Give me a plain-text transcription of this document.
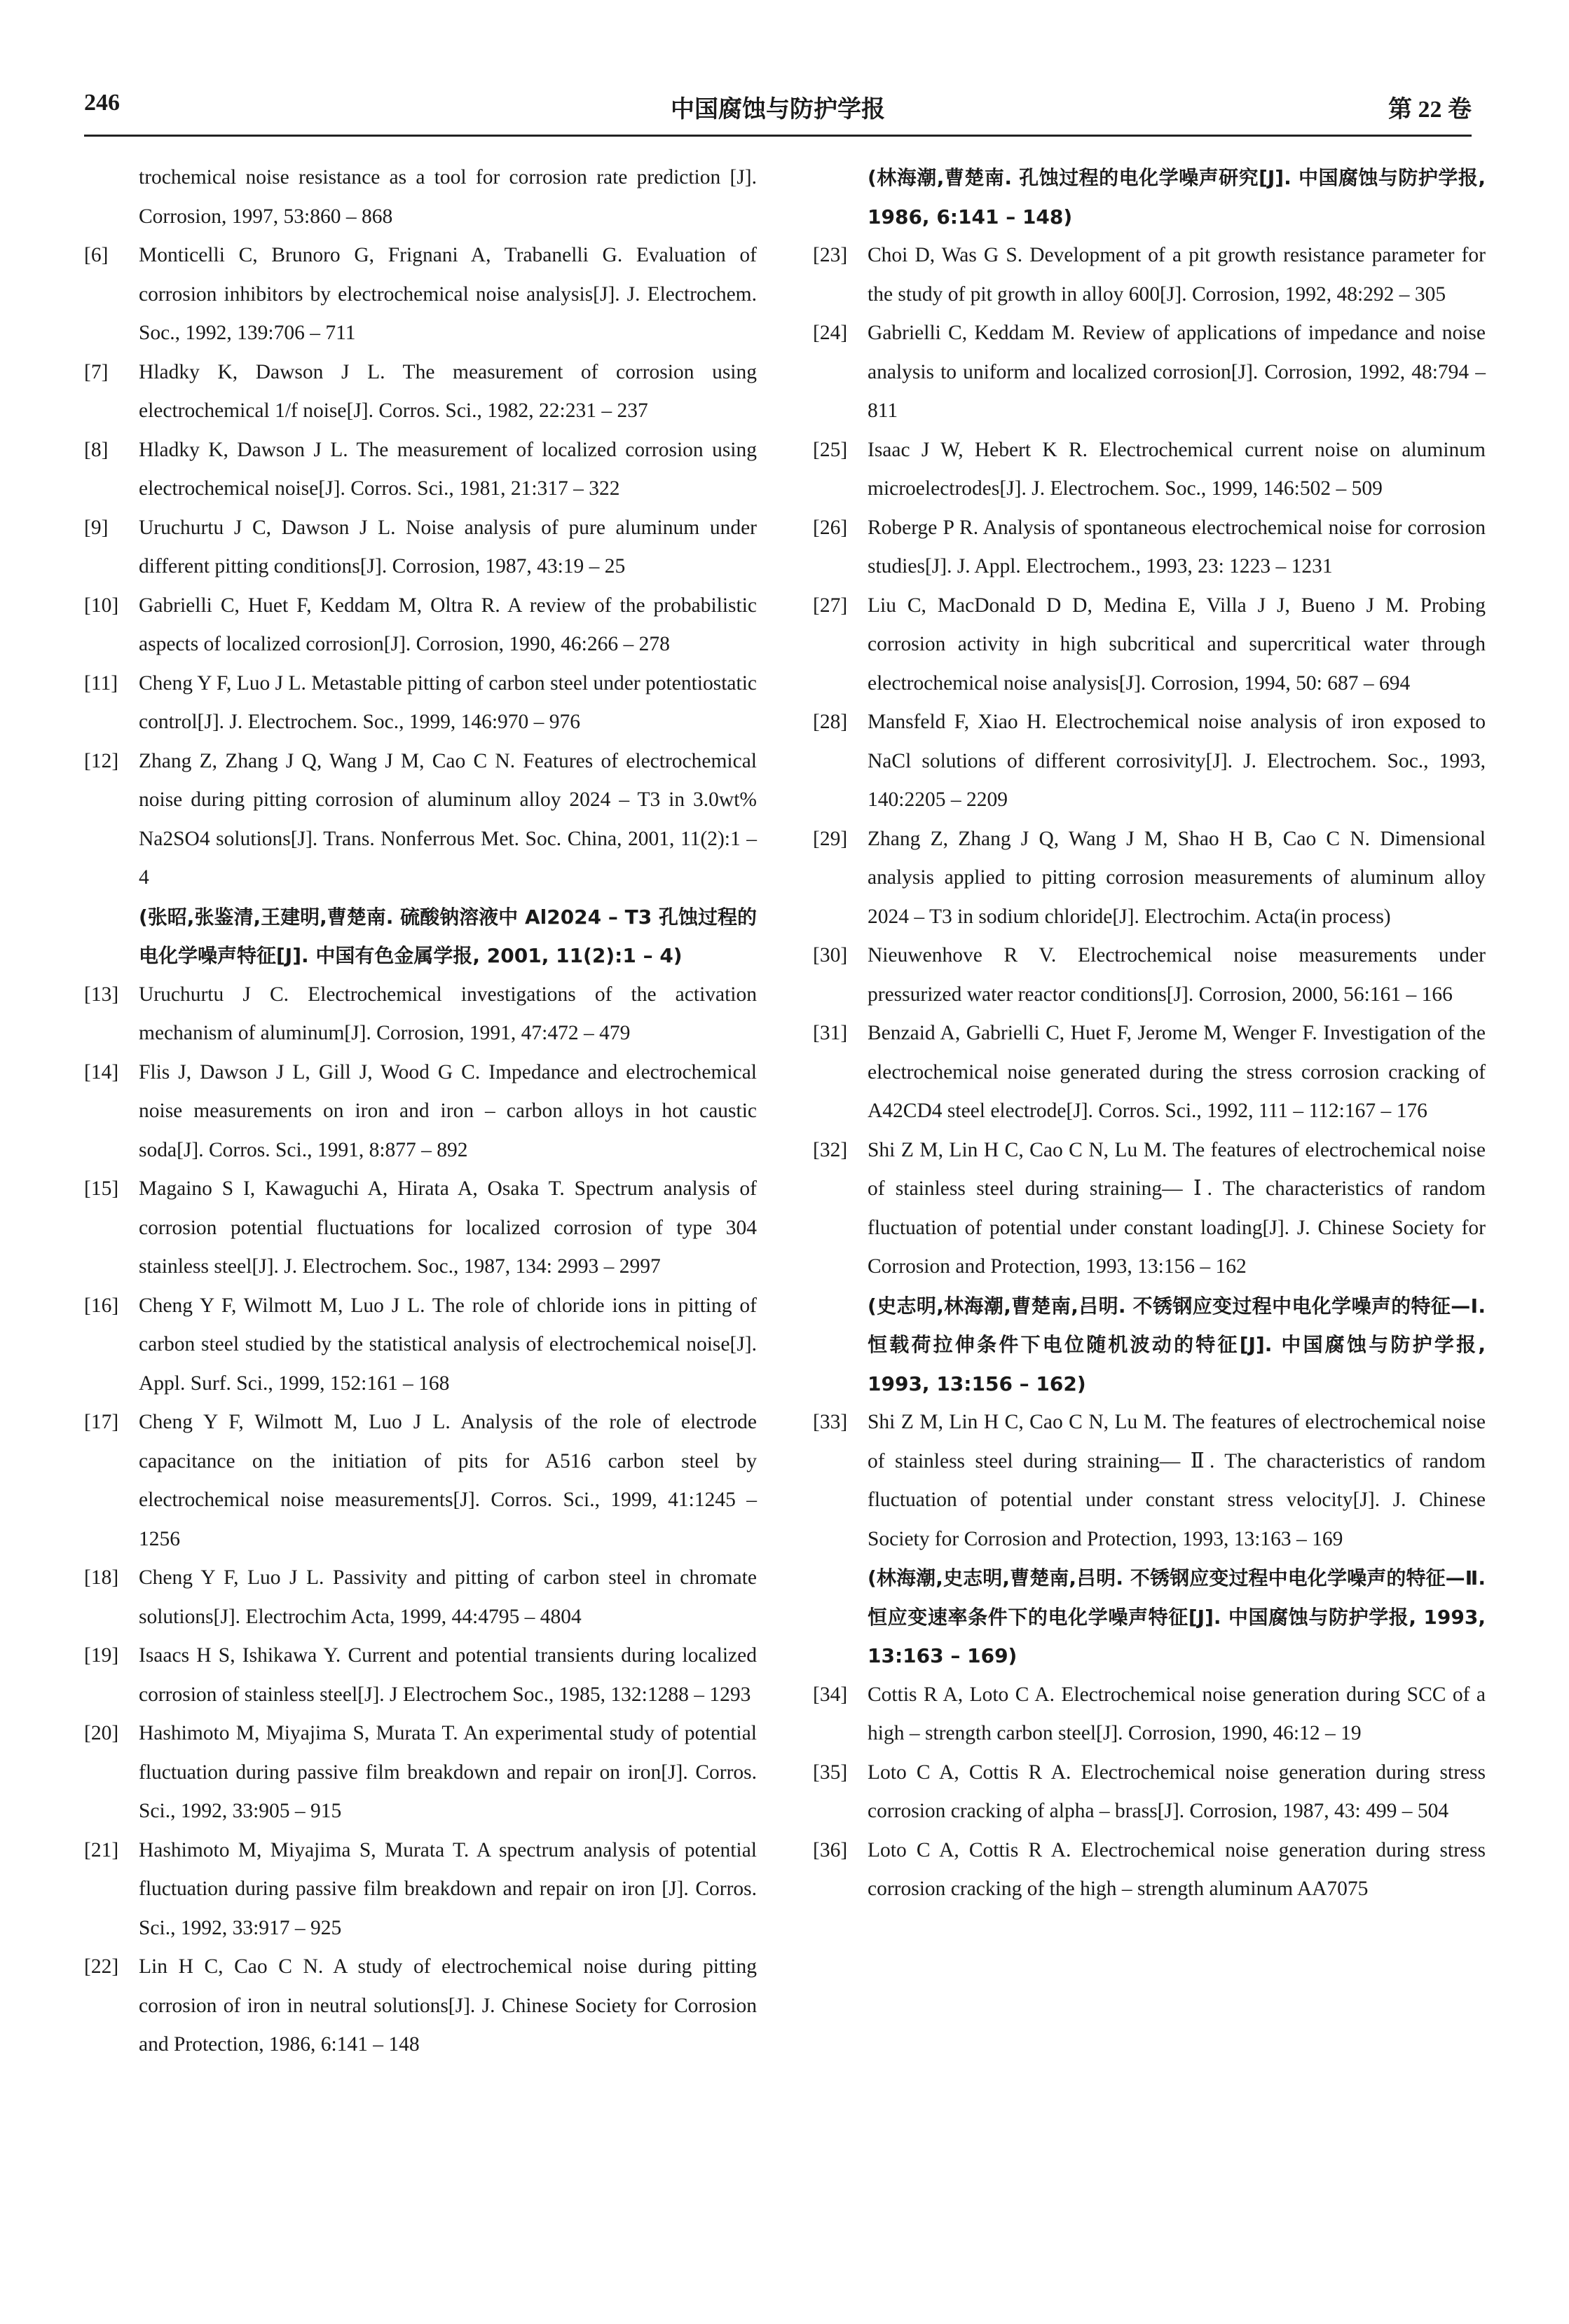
246	中国腐蚀与防护学报	第 22 卷
trochemical noise resistance as a tool for corrosion rate prediction [J]. Corrosion, 1997, 53:860 – 868
[6] Monticelli C, Brunoro G, Frignani A, Trabanelli G. Evaluation of corrosion inhibitors by electrochemical noise analysis[J]. J. Electrochem. Soc., 1992, 139:706 – 711
[7] Hladky K, Dawson J L. The measurement of corrosion using electrochemical 1/f noise[J]. Corros. Sci., 1982, 22:231 – 237
[8] Hladky K, Dawson J L. The measurement of localized corrosion using electrochemical noise[J]. Corros. Sci., 1981, 21:317 – 322
[9] Uruchurtu J C, Dawson J L. Noise analysis of pure aluminum under different pitting conditions[J]. Corrosion, 1987, 43:19 – 25
[10] Gabrielli C, Huet F, Keddam M, Oltra R. A review of the probabilistic aspects of localized corrosion[J]. Corrosion, 1990, 46:266 – 278
[11] Cheng Y F, Luo J L. Metastable pitting of carbon steel under potentiostatic control[J]. J. Electrochem. Soc., 1999, 146:970 – 976
[12] Zhang Z, Zhang J Q, Wang J M, Cao C N. Features of electrochemical noise during pitting corrosion of aluminum alloy 2024 – T3 in 3.0wt% Na2SO4 solutions[J]. Trans. Nonferrous Met. Soc. China, 2001, 11(2):1 – 4
(张昭,张鉴清,王建明,曹楚南. 硫酸钠溶液中 Al2024 – T3 孔蚀过程的电化学噪声特征[J]. 中国有色金属学报, 2001, 11(2):1 – 4)
[13] Uruchurtu J C. Electrochemical investigations of the activation mechanism of aluminum[J]. Corrosion, 1991, 47:472 – 479
[14] Flis J, Dawson J L, Gill J, Wood G C. Impedance and electrochemical noise measurements on iron and iron – carbon alloys in hot caustic soda[J]. Corros. Sci., 1991, 8:877 – 892
[15] Magaino S I, Kawaguchi A, Hirata A, Osaka T. Spectrum analysis of corrosion potential fluctuations for localized corrosion of type 304 stainless steel[J]. J. Electrochem. Soc., 1987, 134: 2993 – 2997
[16] Cheng Y F, Wilmott M, Luo J L. The role of chloride ions in pitting of carbon steel studied by the statistical analysis of electrochemical noise[J]. Appl. Surf. Sci., 1999, 152:161 – 168
[17] Cheng Y F, Wilmott M, Luo J L. Analysis of the role of electrode capacitance on the initiation of pits for A516 carbon steel by electrochemical noise measurements[J]. Corros. Sci., 1999, 41:1245 – 1256
[18] Cheng Y F, Luo J L. Passivity and pitting of carbon steel in chromate solutions[J]. Electrochim Acta, 1999, 44:4795 – 4804
[19] Isaacs H S, Ishikawa Y. Current and potential transients during localized corrosion of stainless steel[J]. J Electrochem Soc., 1985, 132:1288 – 1293
[20] Hashimoto M, Miyajima S, Murata T. An experimental study of potential fluctuation during passive film breakdown and repair on iron[J]. Corros. Sci., 1992, 33:905 – 915
[21] Hashimoto M, Miyajima S, Murata T. A spectrum analysis of potential fluctuation during passive film breakdown and repair on iron [J]. Corros. Sci., 1992, 33:917 – 925
[22] Lin H C, Cao C N. A study of electrochemical noise during pitting corrosion of iron in neutral solutions[J]. J. Chinese Society for Corrosion and Protection, 1986, 6:141 – 148
(林海潮,曹楚南. 孔蚀过程的电化学噪声研究[J]. 中国腐蚀与防护学报, 1986, 6:141 – 148)
[23] Choi D, Was G S. Development of a pit growth resistance parameter for the study of pit growth in alloy 600[J]. Corrosion, 1992, 48:292 – 305
[24] Gabrielli C, Keddam M. Review of applications of impedance and noise analysis to uniform and localized corrosion[J]. Corrosion, 1992, 48:794 – 811
[25] Isaac J W, Hebert K R. Electrochemical current noise on aluminum microelectrodes[J]. J. Electrochem. Soc., 1999, 146:502 – 509
[26] Roberge P R. Analysis of spontaneous electrochemical noise for corrosion studies[J]. J. Appl. Electrochem., 1993, 23: 1223 – 1231
[27] Liu C, MacDonald D D, Medina E, Villa J J, Bueno J M. Probing corrosion activity in high subcritical and supercritical water through electrochemical noise analysis[J]. Corrosion, 1994, 50: 687 – 694
[28] Mansfeld F, Xiao H. Electrochemical noise analysis of iron exposed to NaCl solutions of different corrosivity[J]. J. Electrochem. Soc., 1993, 140:2205 – 2209
[29] Zhang Z, Zhang J Q, Wang J M, Shao H B, Cao C N. Dimensional analysis applied to pitting corrosion measurements of aluminum alloy 2024 – T3 in sodium chloride[J]. Electrochim. Acta(in process)
[30] Nieuwenhove R V. Electrochemical noise measurements under pressurized water reactor conditions[J]. Corrosion, 2000, 56:161 – 166
[31] Benzaid A, Gabrielli C, Huet F, Jerome M, Wenger F. Investigation of the electrochemical noise generated during the stress corrosion cracking of A42CD4 steel electrode[J]. Corros. Sci., 1992, 111 – 112:167 – 176
[32] Shi Z M, Lin H C, Cao C N, Lu M. The features of electrochemical noise of stainless steel during straining— Ⅰ. The characteristics of random fluctuation of potential under constant loading[J]. J. Chinese Society for Corrosion and Protection, 1993, 13:156 – 162
(史志明,林海潮,曹楚南,吕明. 不锈钢应变过程中电化学噪声的特征—Ⅰ. 恒载荷拉伸条件下电位随机波动的特征[J]. 中国腐蚀与防护学报, 1993, 13:156 – 162)
[33] Shi Z M, Lin H C, Cao C N, Lu M. The features of electrochemical noise of stainless steel during straining— Ⅱ. The characteristics of random fluctuation of potential under constant stress velocity[J]. J. Chinese Society for Corrosion and Protection, 1993, 13:163 – 169
(林海潮,史志明,曹楚南,吕明. 不锈钢应变过程中电化学噪声的特征—Ⅱ. 恒应变速率条件下的电化学噪声特征[J]. 中国腐蚀与防护学报, 1993, 13:163 – 169)
[34] Cottis R A, Loto C A. Electrochemical noise generation during SCC of a high – strength carbon steel[J]. Corrosion, 1990, 46:12 – 19
[35] Loto C A, Cottis R A. Electrochemical noise generation during stress corrosion cracking of alpha – brass[J]. Corrosion, 1987, 43: 499 – 504
[36] Loto C A, Cottis R A. Electrochemical noise generation during stress corrosion cracking of the high – strength aluminum AA7075
